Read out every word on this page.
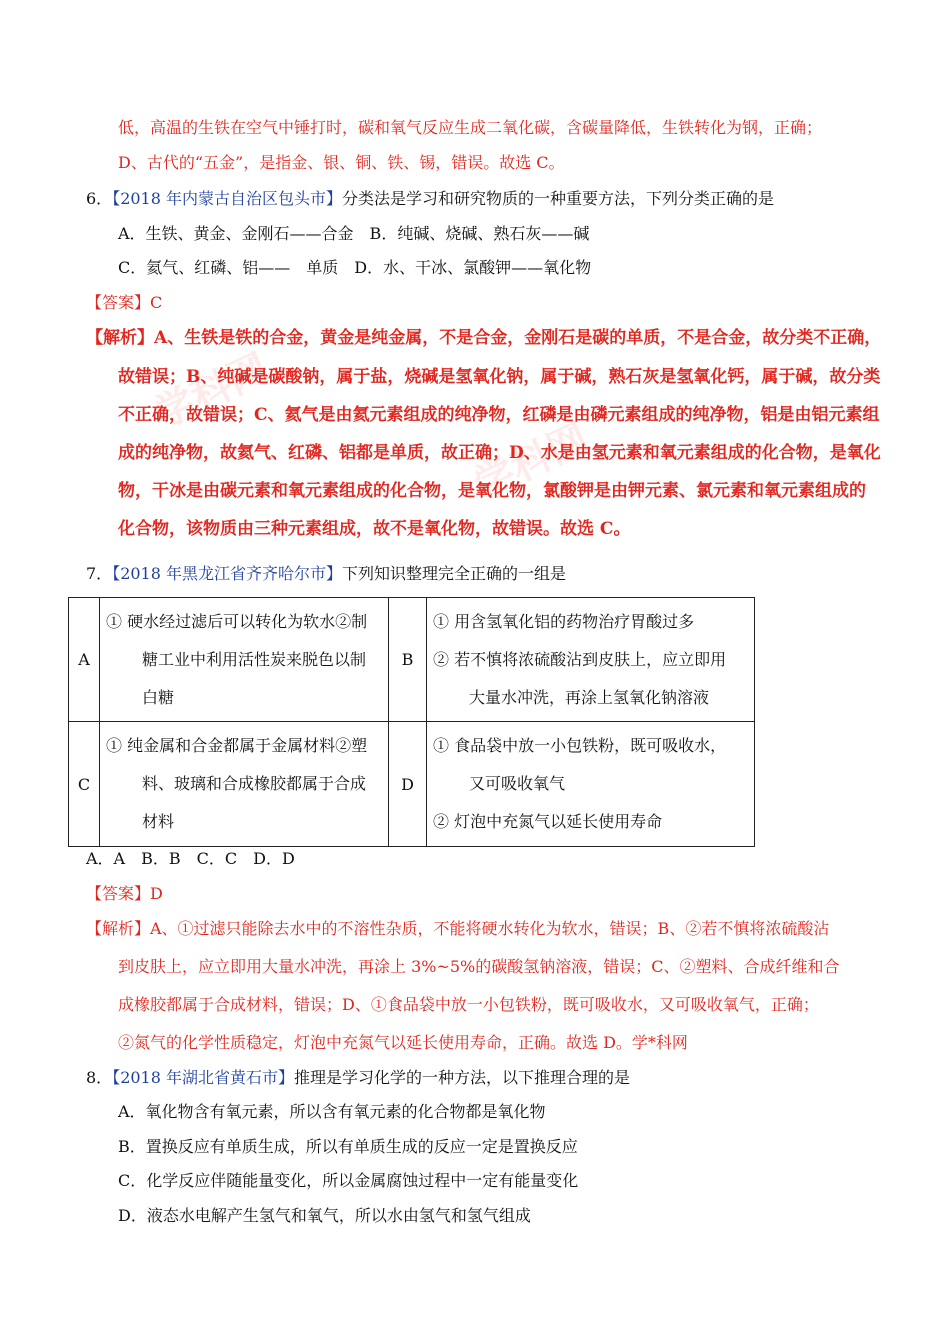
学科网
学科网
低，高温的生铁在空气中锤打时，碳和氧气反应生成二氧化碳，含碳量降低，生铁转化为钢，正确；
D、古代的“五金”，是指金、银、铜、铁、锡，错误。故选 C。
6．【2018 年内蒙古自治区包头市】分类法是学习和研究物质的一种重要方法，下列分类正确的是
A．生铁、黄金、金刚石——合金　B．纯碱、烧碱、熟石灰——碱
C．氦气、红磷、铝——　单质　D．水、干冰、氯酸钾——氧化物
【答案】C
【解析】A、生铁是铁的合金，黄金是纯金属，不是合金，金刚石是碳的单质，不是合金，故分类不正确，
故错误；B、纯碱是碳酸钠，属于盐，烧碱是氢氧化钠，属于碱，熟石灰是氢氧化钙，属于碱，故分类
不正确，故错误；C、氦气是由氦元素组成的纯净物，红磷是由磷元素组成的纯净物，铝是由铝元素组
成的纯净物，故氦气、红磷、铝都是单质，故正确；D、水是由氢元素和氧元素组成的化合物，是氧化
物，干冰是由碳元素和氧元素组成的化合物，是氧化物，氯酸钾是由钾元素、氯元素和氧元素组成的
化合物，该物质由三种元素组成，故不是氧化物，故错误。故选 C。
7．【2018 年黑龙江省齐齐哈尔市】下列知识整理完全正确的一组是
A	① 硬水经过滤后可以转化为软水②制
糖工业中利用活性炭来脱色以制
白糖	B	① 用含氢氧化铝的药物治疗胃酸过多
② 若不慎将浓硫酸沾到皮肤上，应立即用
大量水冲洗，再涂上氢氧化钠溶液

C	① 纯金属和合金都属于金属材料②塑
料、玻璃和合成橡胶都属于合成
材料	D	① 食品袋中放一小包铁粉，既可吸收水，
又可吸收氧气
② 灯泡中充氮气以延长使用寿命
A．A　B．B　C．C　D．D
【答案】D
【解析】A、①过滤只能除去水中的不溶性杂质，不能将硬水转化为软水，错误；B、②若不慎将浓硫酸沾
到皮肤上，应立即用大量水冲洗，再涂上 3%~5%的碳酸氢钠溶液，错误；C、②塑料、合成纤维和合
成橡胶都属于合成材料，错误；D、①食品袋中放一小包铁粉，既可吸收水，又可吸收氧气，正确；
②氮气的化学性质稳定，灯泡中充氮气以延长使用寿命，正确。故选 D。学*科网
8．【2018 年湖北省黄石市】推理是学习化学的一种方法，以下推理合理的是
A．氧化物含有氧元素，所以含有氧元素的化合物都是氧化物
B．置换反应有单质生成，所以有单质生成的反应一定是置换反应
C．化学反应伴随能量变化，所以金属腐蚀过程中一定有能量变化
D．液态水电解产生氢气和氧气，所以水由氢气和氢气组成
